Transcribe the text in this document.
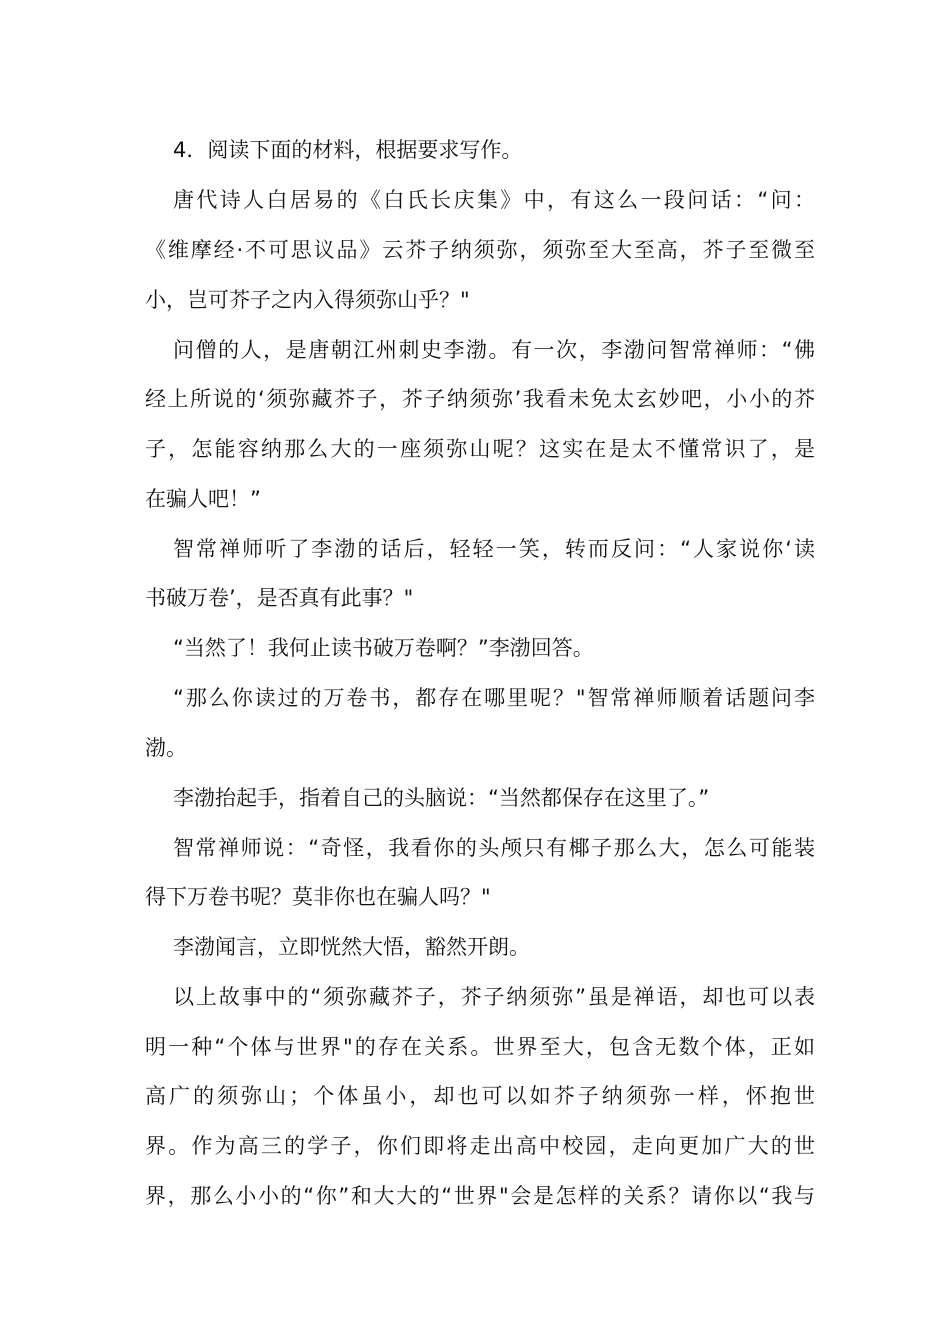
4．阅读下面的材料，根据要求写作。
唐代诗人白居易的《白氏长庆集》中，有这么一段问话：“问：
《维摩经·不可思议品》云芥子纳须弥，须弥至大至高，芥子至微至
小，岂可芥子之内入得须弥山乎？"
问僧的人，是唐朝江州刺史李渤。有一次，李渤问智常禅师：“佛
经上所说的‘须弥藏芥子，芥子纳须弥’我看未免太玄妙吧，小小的芥
子，怎能容纳那么大的一座须弥山呢？这实在是太不懂常识了，是
在骗人吧！”
智常禅师听了李渤的话后，轻轻一笑，转而反问：“人家说你‘读
书破万卷’，是否真有此事？"
“当然了！我何止读书破万卷啊？”李渤回答。
“那么你读过的万卷书，都存在哪里呢？"智常禅师顺着话题问李
渤。
李渤抬起手，指着自己的头脑说：“当然都保存在这里了。”
智常禅师说：“奇怪，我看你的头颅只有椰子那么大，怎么可能装
得下万卷书呢？莫非你也在骗人吗？"
李渤闻言，立即恍然大悟，豁然开朗。
以上故事中的“须弥藏芥子，芥子纳须弥”虽是禅语，却也可以表
明一种“个体与世界"的存在关系。世界至大，包含无数个体，正如
高广的须弥山；个体虽小，却也可以如芥子纳须弥一样，怀抱世
界。作为高三的学子，你们即将走出高中校园，走向更加广大的世
界，那么小小的“你”和大大的“世界"会是怎样的关系？请你以“我与
